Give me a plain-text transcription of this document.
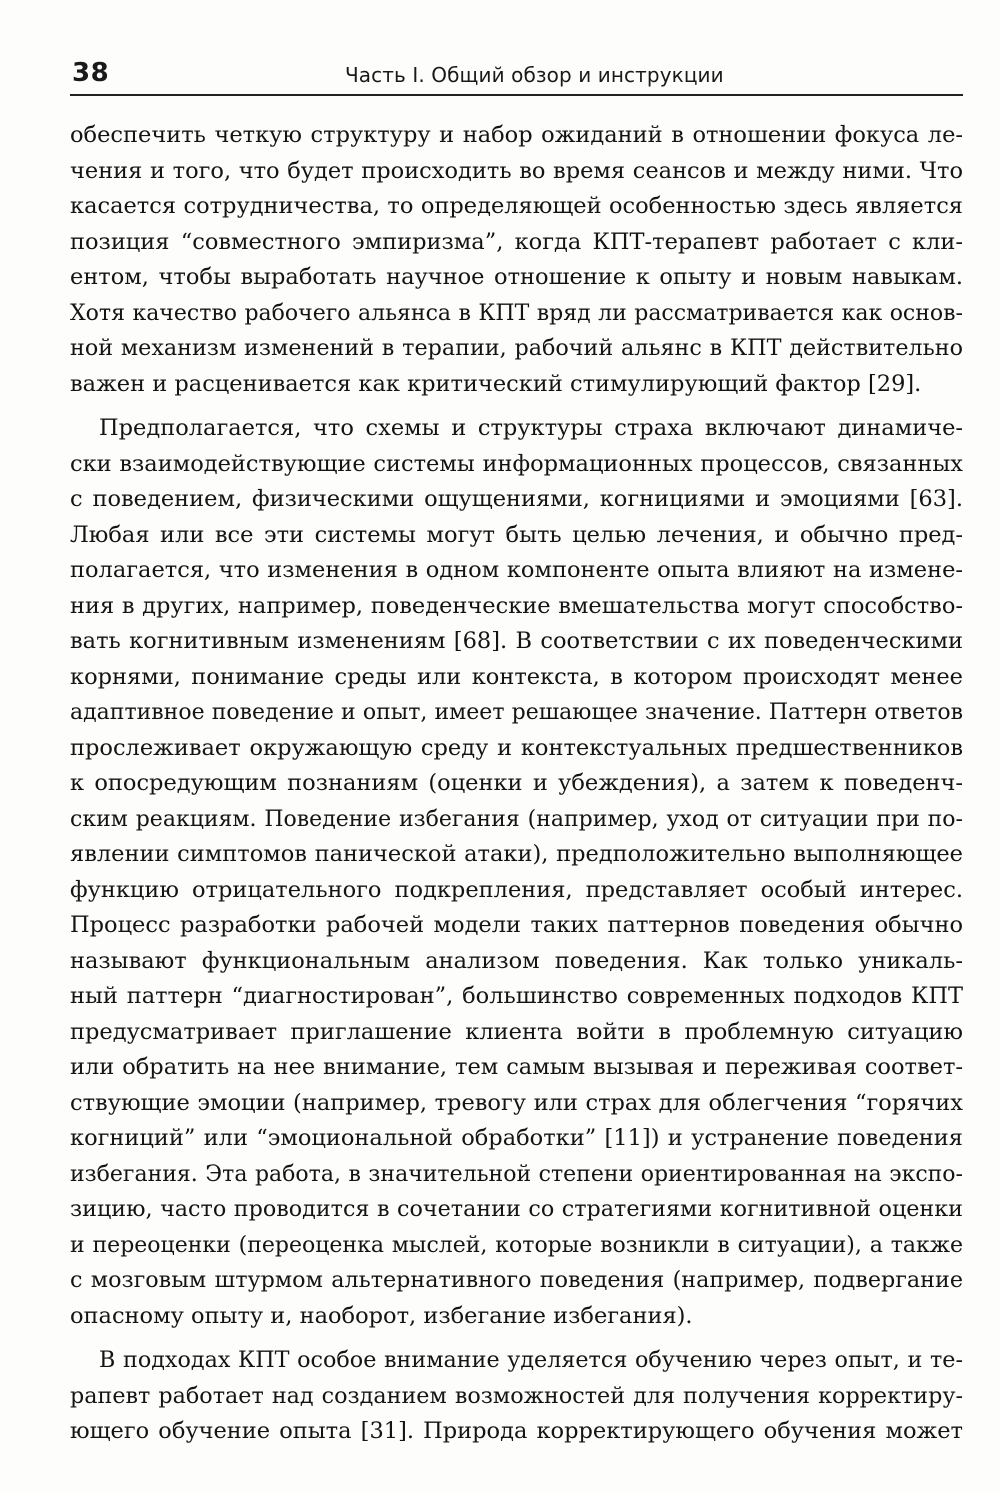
38	Часть I. Общий обзор и инструкции
обеспечить четкую структуру и набор ожиданий в отношении фокуса ле-
чения и того, что будет происходить во время сеансов и между ними. Что
касается сотрудничества, то определяющей особенностью здесь является
позиция “совместного эмпиризма”, когда КПТ-терапевт работает с кли-
ентом, чтобы выработать научное отношение к опыту и новым навыкам.
Хотя качество рабочего альянса в КПТ вряд ли рассматривается как основ-
ной механизм изменений в терапии, рабочий альянс в КПТ действительно
важен и расценивается как критический стимулирующий фактор [29].
Предполагается, что схемы и структуры страха включают динамиче-
ски взаимодействующие системы информационных процессов, связанных
с поведением, физическими ощущениями, когнициями и эмоциями [63].
Любая или все эти системы могут быть целью лечения, и обычно пред-
полагается, что изменения в одном компоненте опыта влияют на измене-
ния в других, например, поведенческие вмешательства могут способство-
вать когнитивным изменениям [68]. В соответствии с их поведенческими
корнями, понимание среды или контекста, в котором происходят менее
адаптивное поведение и опыт, имеет решающее значение. Паттерн ответов
прослеживает окружающую среду и контекстуальных предшественников
к опосредующим познаниям (оценки и убеждения), а затем к поведенч-
ским реакциям. Поведение избегания (например, уход от ситуации при по-
явлении симптомов панической атаки), предположительно выполняющее
функцию отрицательного подкрепления, представляет особый интерес.
Процесс разработки рабочей модели таких паттернов поведения обычно
называют функциональным анализом поведения. Как только уникаль-
ный паттерн “диагностирован”, большинство современных подходов КПТ
предусматривает приглашение клиента войти в проблемную ситуацию
или обратить на нее внимание, тем самым вызывая и переживая соответ-
ствующие эмоции (например, тревогу или страх для облегчения “горячих
когниций” или “эмоциональной обработки” [11]) и устранение поведения
избегания. Эта работа, в значительной степени ориентированная на экспо-
зицию, часто проводится в сочетании со стратегиями когнитивной оценки
и переоценки (переоценка мыслей, которые возникли в ситуации), а также
с мозговым штурмом альтернативного поведения (например, подвергание
опасному опыту и, наоборот, избегание избегания).
В подходах КПТ особое внимание уделяется обучению через опыт, и те-
рапевт работает над созданием возможностей для получения корректиру-
ющего обучение опыта [31]. Природа корректирующего обучения может
